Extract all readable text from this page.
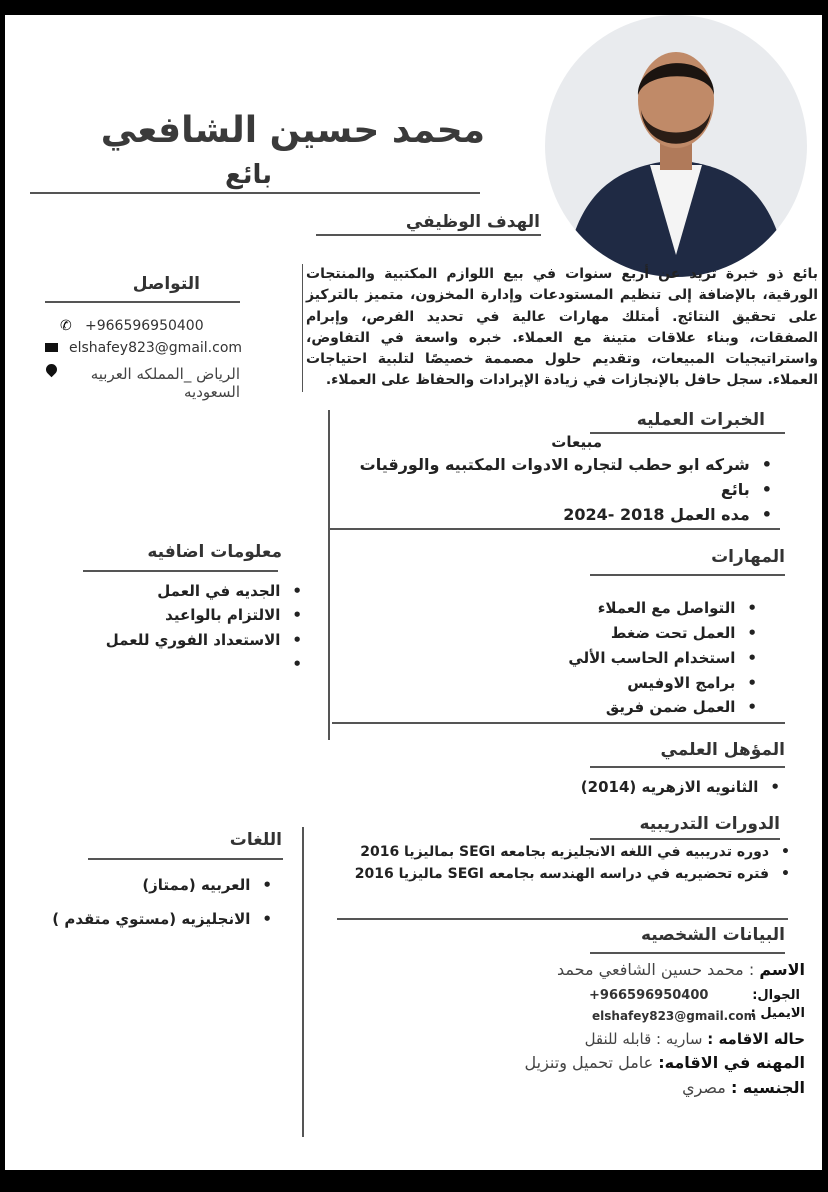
محمد حسين الشافعي
بائع
الهدف الوظيفي
بائع ذو خبرة تزيد عن أربع سنوات في بيع اللوازم المكتبية والمنتجات الورقية، بالإضافة إلى تنظيم المستودعات وإدارة المخزون، متميز بالتركيز على تحقيق النتائج. أمتلك مهارات عالية في تحديد الفرص، وإبرام الصفقات، وبناء علاقات متينة مع العملاء. خبره واسعة في التفاوض، واستراتيجيات المبيعات، وتقديم حلول مصممة خصيصًا لتلبية احتياجات العملاء. سجل حافل بالإنجازات في زيادة الإيرادات والحفاظ على العملاء.
التواصل
✆ +966596950400
elshafey823@gmail.com
الرياض _المملكه العربيه
السعوديه
الخبرات العمليه
مبيعات
• شركه ابو حطب لتجاره الادوات المكتبيه والورقيات
• بائع
• مده العمل 2018 -2024
معلومات اضافيه
• الجديه في العمل
• الالتزام بالواعيد
• الاستعداد الفوري للعمل
•
المهارات
• التواصل مع العملاء
• العمل تحت ضغط
• استخدام الحاسب الألي
• برامج الاوفيس
• العمل ضمن فريق
المؤهل العلمي
• الثانويه الازهريه (2014)
الدورات التدريبيه
• دوره تدريبيه في اللغه الانجليزيه بجامعه SEGI بماليزيا 2016
• فتره تحضيريه في دراسه الهندسه بجامعه SEGI ماليزيا 2016
اللغات
• العربيه (ممتاز)
• الانجليزيه (مستوي متقدم )
البيانات الشخصيه
الاسم : محمد حسين الشافعي محمد
الجوال:
+966596950400
الايميل :
elshafey823@gmail.com
حاله الاقامه : ساريه : قابله للنقل
المهنه في الاقامه: عامل تحميل وتنزيل
الجنسيه : مصري
